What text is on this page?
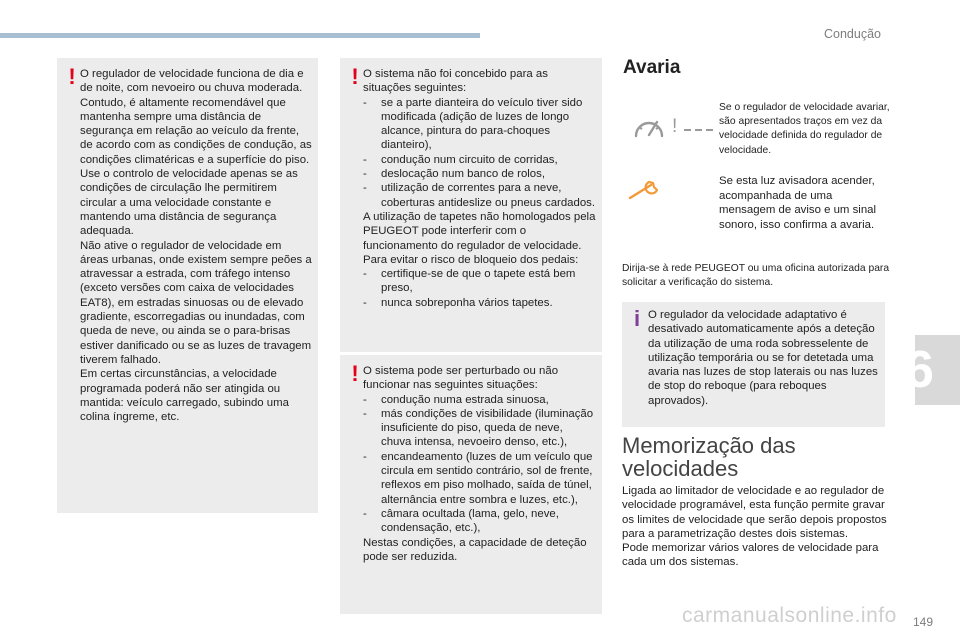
Condução
! O regulador de velocidade funciona de dia e de noite, com nevoeiro ou chuva moderada.

Contudo, é altamente recomendável que mantenha sempre uma distância de segurança em relação ao veículo da frente, de acordo com as condições de condução, as condições climatéricas e a superfície do piso.

Use o controlo de velocidade apenas se as condições de circulação lhe permitirem circular a uma velocidade constante e mantendo uma distância de segurança adequada.

Não ative o regulador de velocidade em áreas urbanas, onde existem sempre peões a atravessar a estrada, com tráfego intenso (exceto versões com caixa de velocidades EAT8), em estradas sinuosas ou de elevado gradiente, escorregadias ou inundadas, com queda de neve, ou ainda se o para-brisas estiver danificado ou se as luzes de travagem tiverem falhado.

Em certas circunstâncias, a velocidade programada poderá não ser atingida ou mantida: veículo carregado, subindo uma colina íngreme, etc.

! O sistema não foi concebido para as situações seguintes:

-	se a parte dianteira do veículo tiver sido modificada (adição de luzes de longo alcance, pintura do para-choques dianteiro),
-	condução num circuito de corridas,
-	deslocação num banco de rolos,
-	utilização de correntes para a neve, coberturas antideslize ou pneus cardados.

A utilização de tapetes não homologados pela PEUGEOT pode interferir com o funcionamento do regulador de velocidade.

Para evitar o risco de bloqueio dos pedais:

-	certifique-se de que o tapete está bem preso,
-	nunca sobreponha vários tapetes.
! O sistema pode ser perturbado ou não funcionar nas seguintes situações:

-	condução numa estrada sinuosa,
-	más condições de visibilidade (iluminação insuficiente do piso, queda de neve, chuva intensa, nevoeiro denso, etc.),
-	encandeamento (luzes de um veículo que circula em sentido contrário, sol de frente, reflexos em piso molhado, saída de túnel, alternância entre sombra e luzes, etc.),
-	câmara ocultada (lama, gelo, neve, condensação, etc.),

Nestas condições, a capacidade de deteção pode ser reduzida.

Avaria
!
Se o regulador de velocidade avariar, são apresentados traços em vez da velocidade definida do regulador de velocidade.
Se esta luz avisadora acender, acompanhada de uma mensagem de aviso e um sinal sonoro, isso confirma a avaria.
Dirija-se à rede PEUGEOT ou uma oficina autorizada para solicitar a verificação do sistema.
i O regulador da velocidade adaptativo é desativado automaticamente após a deteção da utilização de uma roda sobresselente de utilização temporária ou se for detetada uma avaria nas luzes de stop laterais ou nas luzes de stop do reboque (para reboques aprovados).
Memorização das
velocidades

Ligada ao limitador de velocidade e ao regulador de velocidade programável, esta função permite gravar os limites de velocidade que serão depois propostos para a parametrização destes dois sistemas.

Pode memorizar vários valores de velocidade para cada um dos sistemas.

6
carmanualsonline.info 149
